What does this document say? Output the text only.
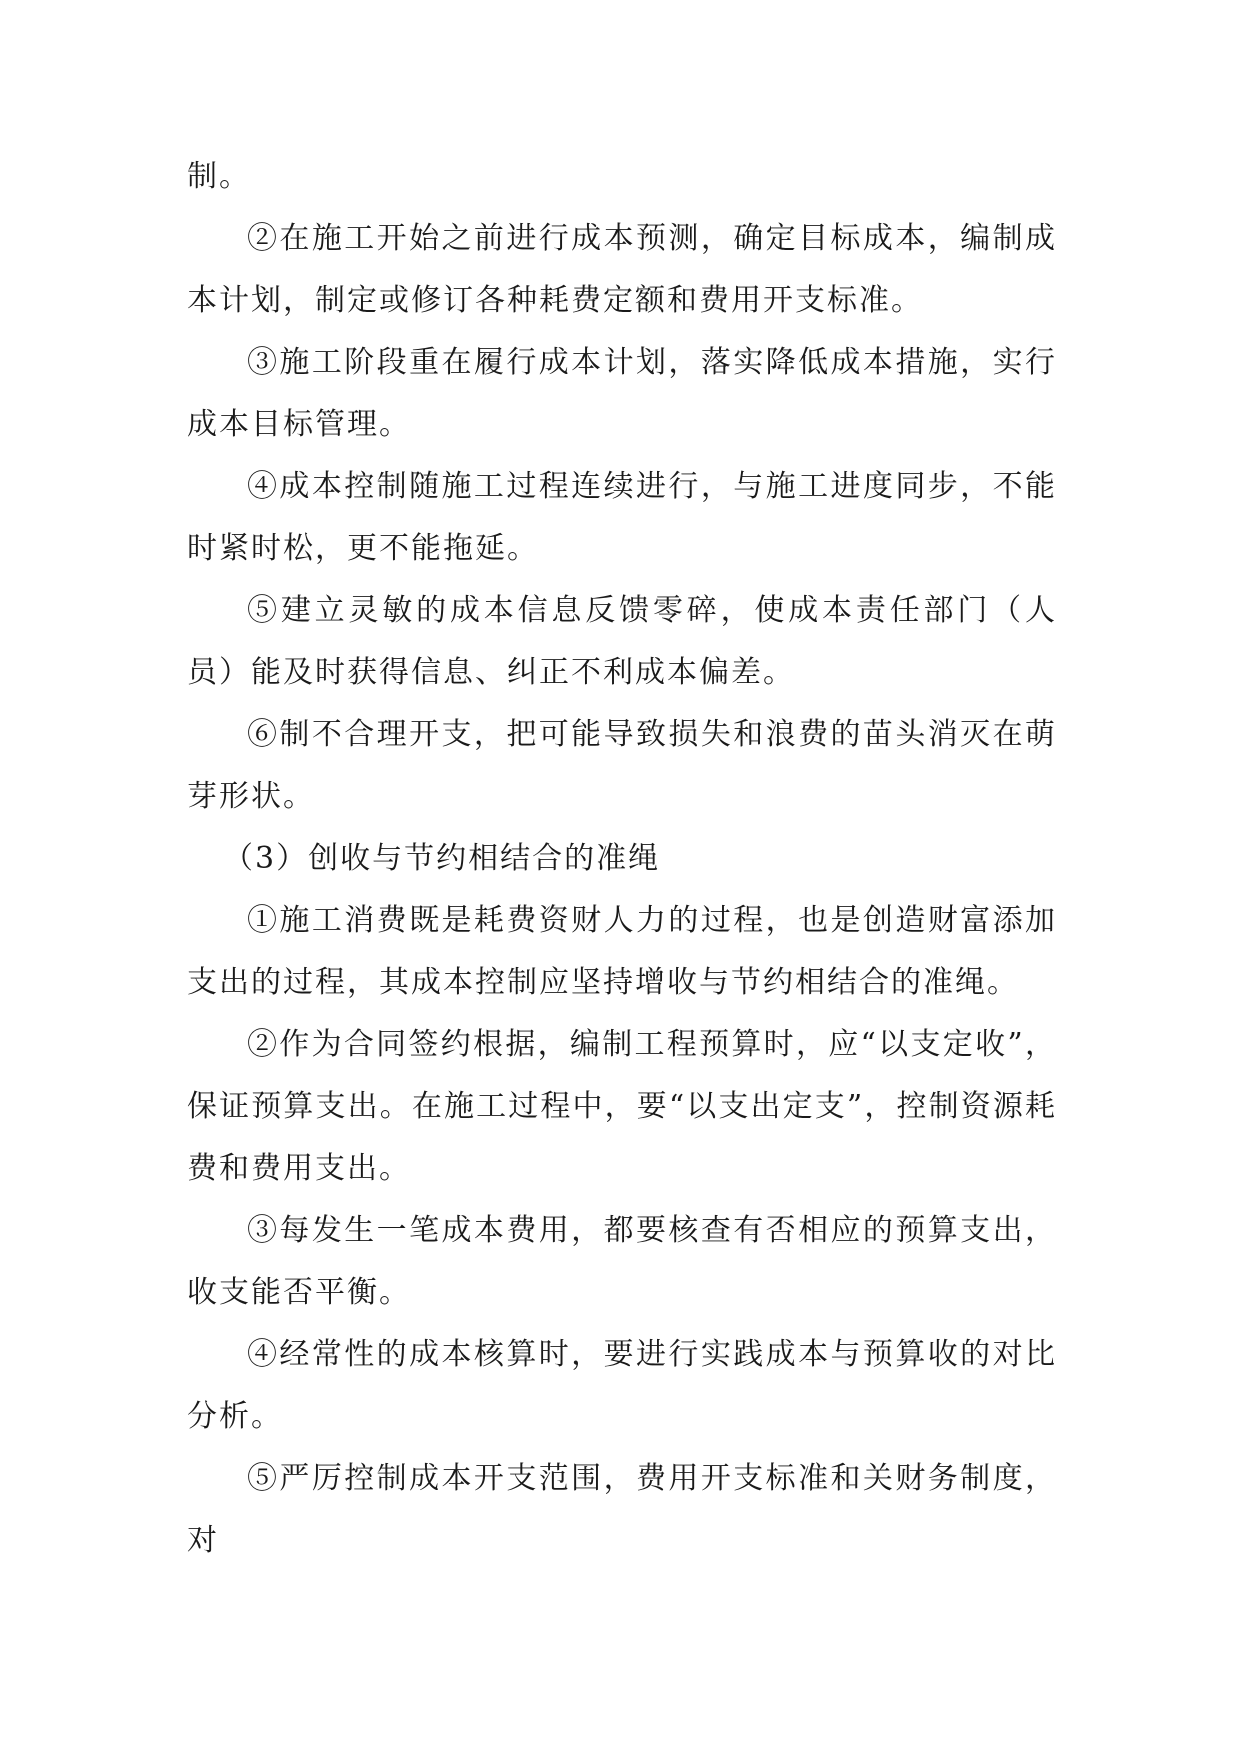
制。

②在施工开始之前进行成本预测，确定目标成本，编制成本计划，制定或修订各种耗费定额和费用开支标准。

③施工阶段重在履行成本计划，落实降低成本措施，实行成本目标管理。

④成本控制随施工过程连续进行，与施工进度同步，不能时紧时松，更不能拖延。

⑤建立灵敏的成本信息反馈零碎，使成本责任部门（人员）能及时获得信息、纠正不利成本偏差。

⑥制不合理开支，把可能导致损失和浪费的苗头消灭在萌芽形状。

（3）创收与节约相结合的准绳

①施工消费既是耗费资财人力的过程，也是创造财富添加支出的过程，其成本控制应坚持增收与节约相结合的准绳。

②作为合同签约根据，编制工程预算时，应“以支定收”，保证预算支出。在施工过程中，要“以支出定支”，控制资源耗费和费用支出。

③每发生一笔成本费用，都要核查有否相应的预算支出，收支能否平衡。

④经常性的成本核算时，要进行实践成本与预算收的对比分析。

⑤严厉控制成本开支范围，费用开支标准和关财务制度，对
